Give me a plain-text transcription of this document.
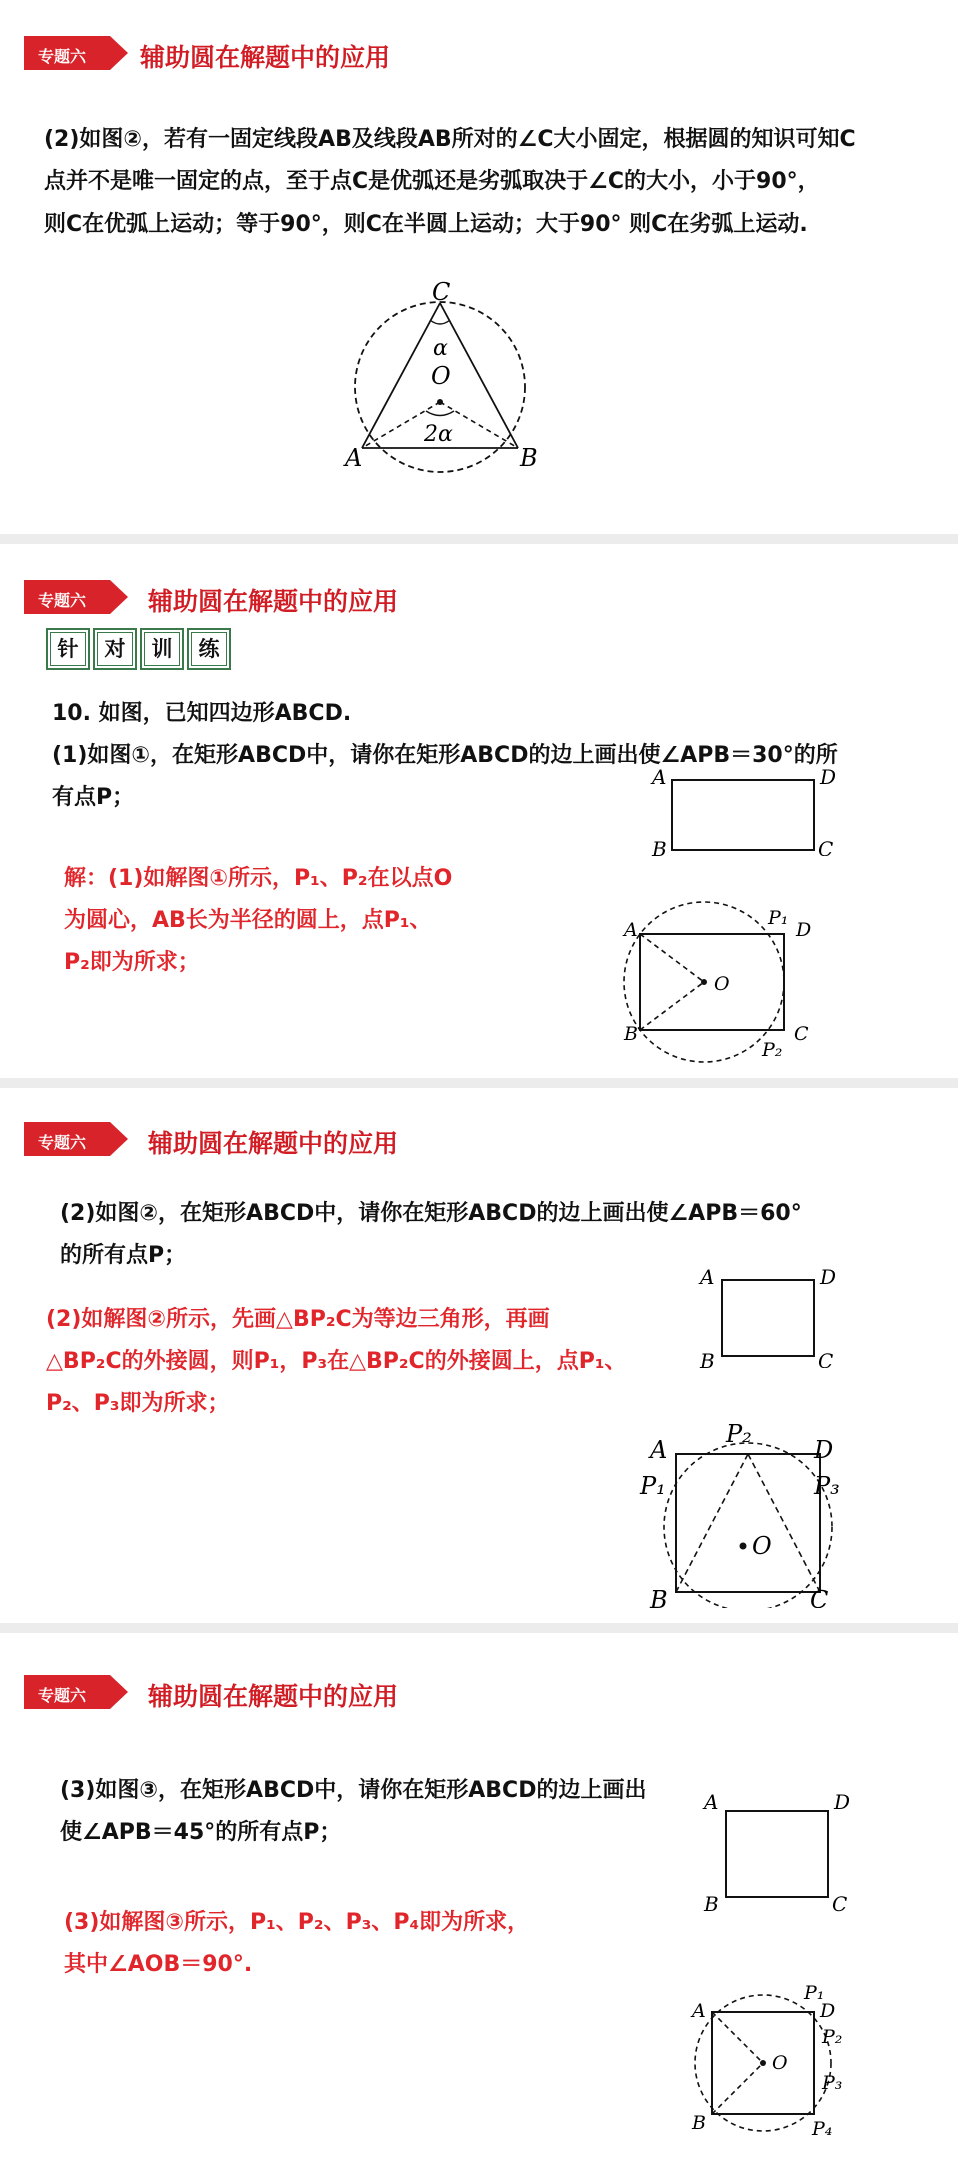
专题六 辅助圆在解题中的应用
(2)如图②，若有一固定线段AB及线段AB所对的∠C大小固定，根据圆的知识可知C
点并不是唯一固定的点，至于点C是优弧还是劣弧取决于∠C的大小，小于90°，
则C在优弧上运动；等于90°，则C在半圆上运动；大于90° 则C在劣弧上运动.
C
α
O
2α
A	B
专题六 辅助圆在解题中的应用
针	对	训	练
10. 如图，已知四边形ABCD.
(1)如图①，在矩形ABCD中，请你在矩形ABCD的边上画出使∠APB＝30°的所
有点P；
解：(1)如解图①所示，P₁、P₂在以点O
为圆心，AB长为半径的圆上，点P₁、
P₂即为所求；
A	D
B	C
A	D
B	C
O
P₁
P₂
专题六 辅助圆在解题中的应用
(2)如图②，在矩形ABCD中，请你在矩形ABCD的边上画出使∠APB＝60°
的所有点P；
(2)如解图②所示，先画△BP₂C为等边三角形，再画
△BP₂C的外接圆，则P₁，P₃在△BP₂C的外接圆上，点P₁、
P₂、P₃即为所求；
A	D
B	C
A	D
P₁	P₃
P₂
O
B	C
专题六 辅助圆在解题中的应用
(3)如图③，在矩形ABCD中，请你在矩形ABCD的边上画出
使∠APB＝45°的所有点P；
(3)如解图③所示，P₁、P₂、P₃、P₄即为所求，
其中∠AOB＝90°.
A	D
B	C
A	D
B
O
P₁
P₂
P₃
P₄
